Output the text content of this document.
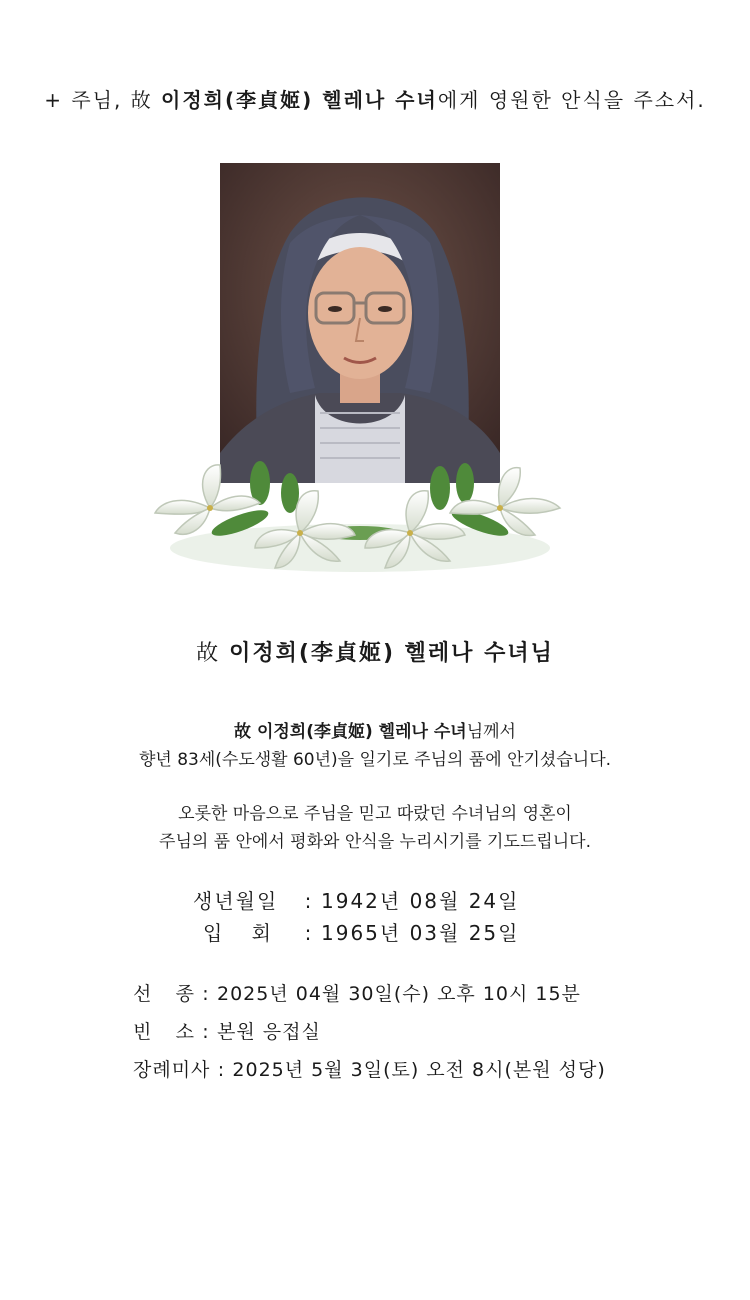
+ 주님, 故 이정희(李貞姬) 헬레나 수녀에게 영원한 안식을 주소서.
故 이정희(李貞姬) 헬레나 수녀님
故 이정희(李貞姬) 헬레나 수녀님께서
향년 83세(수도생활 60년)을 일기로 주님의 품에 안기셨습니다.
오롯한 마음으로 주님을 믿고 따랐던 수녀님의 영혼이
주님의 품 안에서 평화와 안식을 누리시기를 기도드립니다.
생년월일	: 1942년 08월 24일
입 회	: 1965년 03월 25일
선 종 : 2025년 04월 30일(수) 오후 10시 15분
빈 소 : 본원 응접실
장례미사 : 2025년 5월 3일(토) 오전 8시(본원 성당)
